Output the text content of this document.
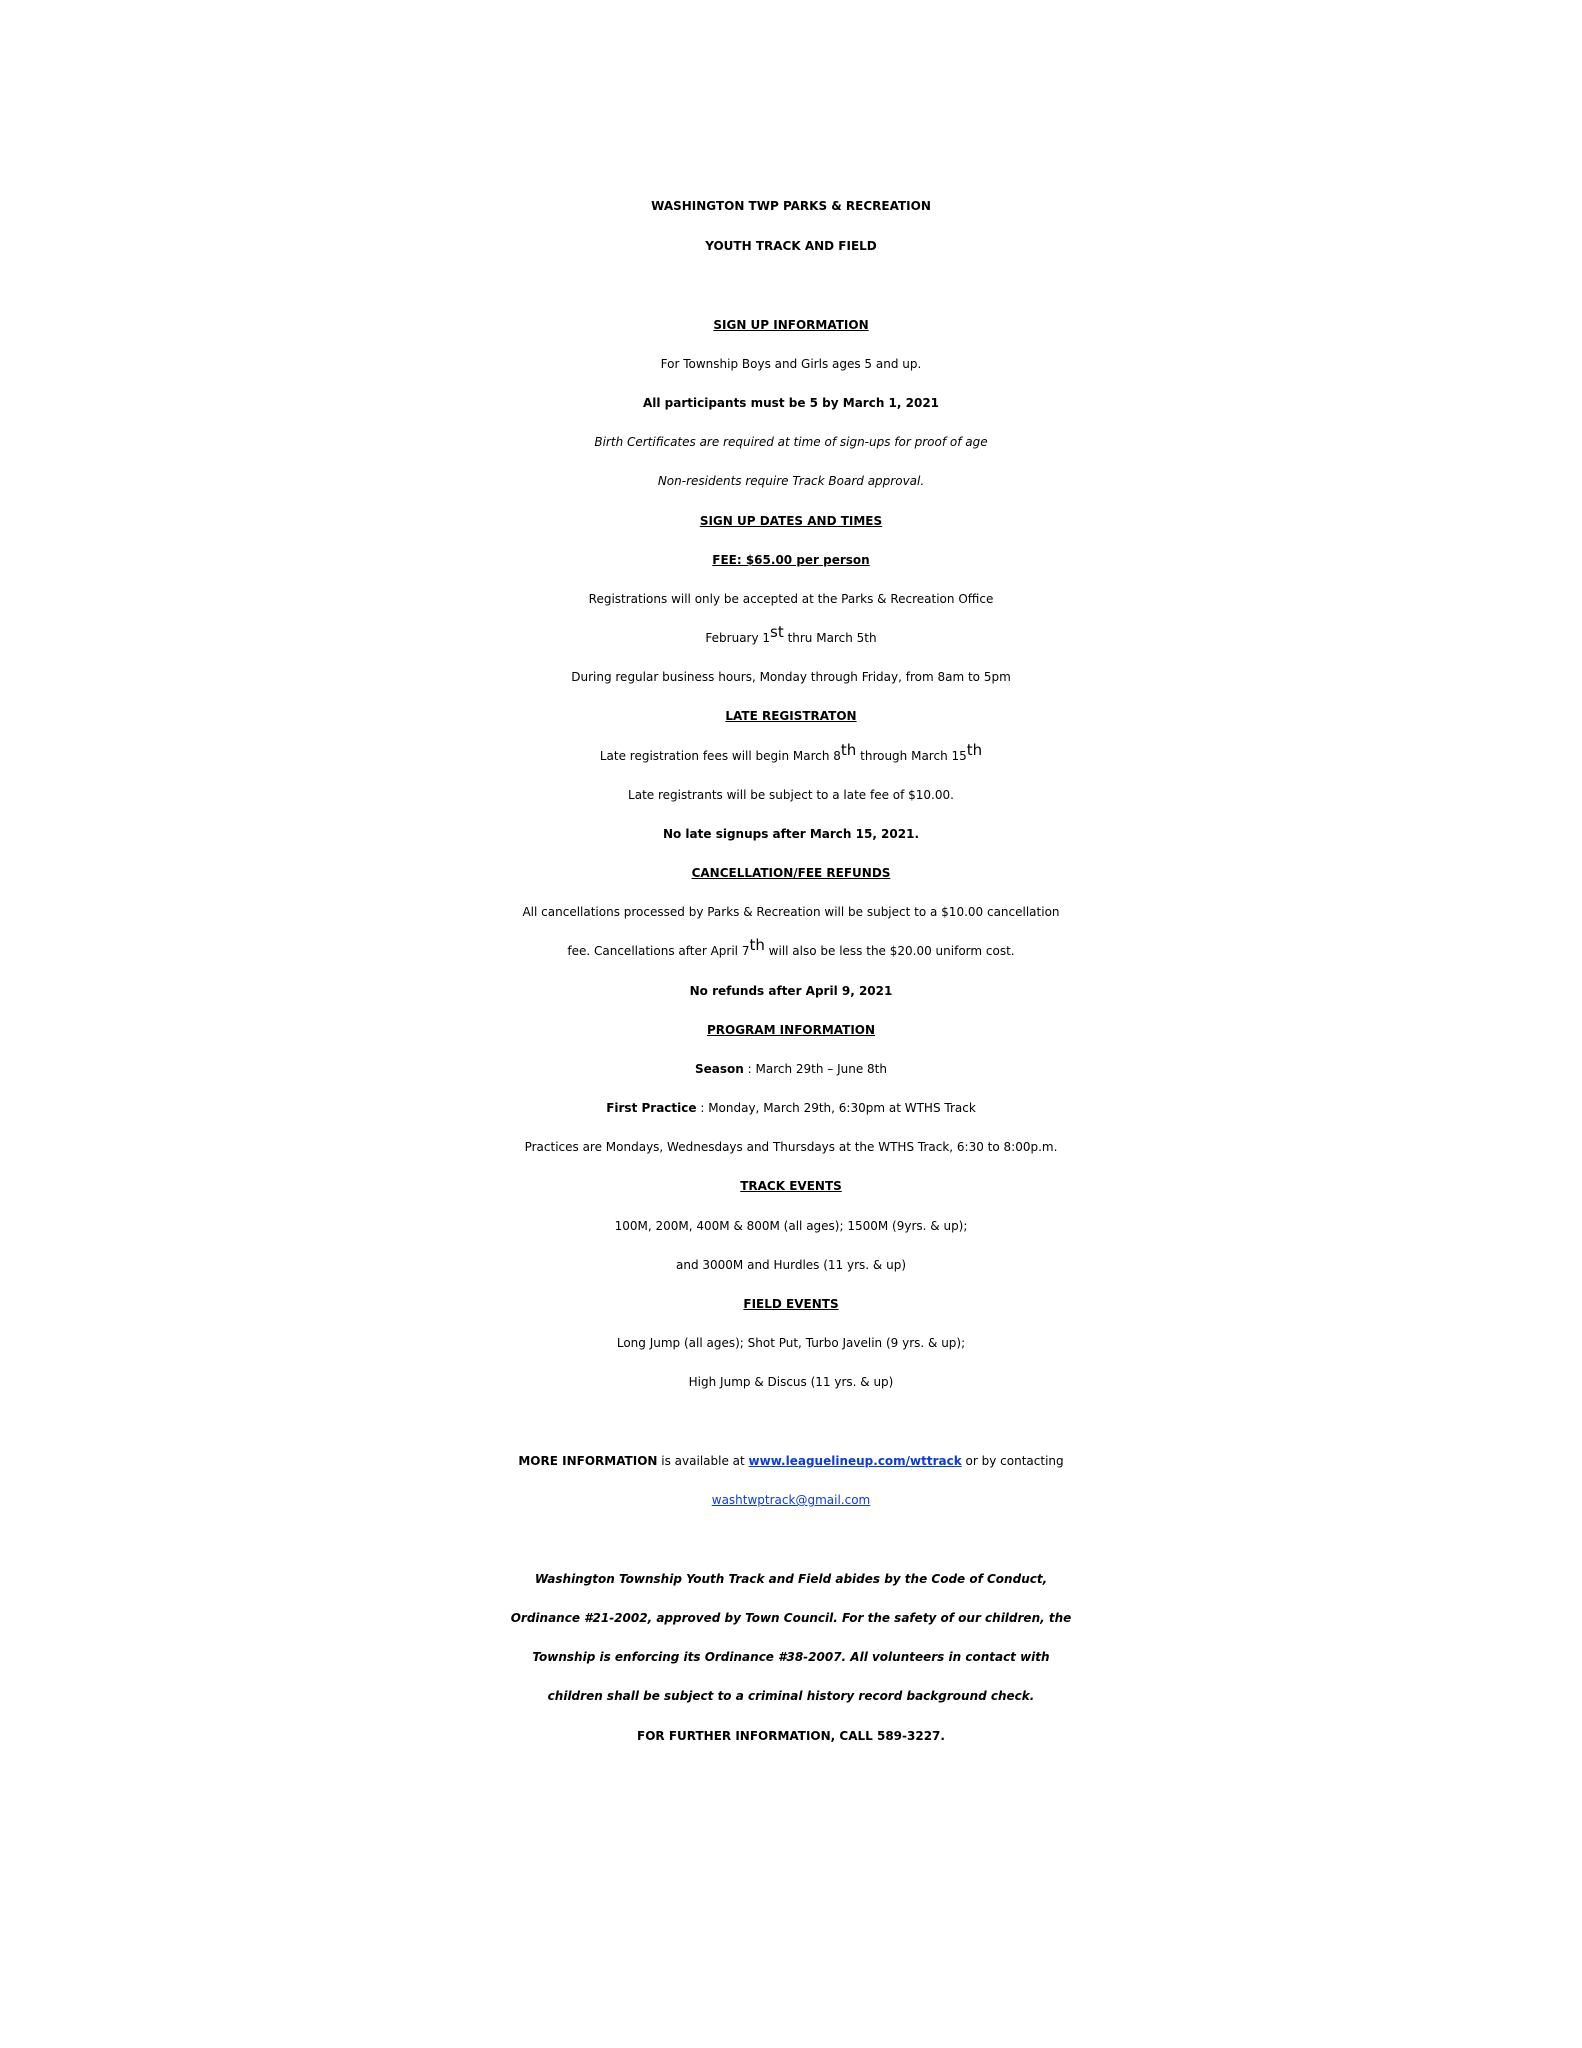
WASHINGTON TWP PARKS & RECREATION
YOUTH TRACK AND FIELD
SIGN UP INFORMATION
For Township Boys and Girls ages 5 and up.
All participants must be 5 by March 1, 2021
Birth Certificates are required at time of sign-ups for proof of age
Non-residents require Track Board approval.
SIGN UP DATES AND TIMES
FEE: $65.00 per person
Registrations will only be accepted at the Parks & Recreation Office
February 1st thru March 5th
During regular business hours, Monday through Friday, from 8am to 5pm
LATE REGISTRATON
Late registration fees will begin March 8th through March 15th
Late registrants will be subject to a late fee of $10.00.
No late signups after March 15, 2021.
CANCELLATION/FEE REFUNDS
All cancellations processed by Parks & Recreation will be subject to a $10.00 cancellation
fee. Cancellations after April 7th will also be less the $20.00 uniform cost.
No refunds after April 9, 2021
PROGRAM INFORMATION
Season : March 29th – June 8th
First Practice : Monday, March 29th, 6:30pm at WTHS Track
Practices are Mondays, Wednesdays and Thursdays at the WTHS Track, 6:30 to 8:00p.m.
TRACK EVENTS
100M, 200M, 400M & 800M (all ages); 1500M (9yrs. & up);
and 3000M and Hurdles (11 yrs. & up)
FIELD EVENTS
Long Jump (all ages); Shot Put, Turbo Javelin (9 yrs. & up);
High Jump & Discus (11 yrs. & up)
MORE INFORMATION is available at www.leaguelineup.com/wttrack or by contacting
washtwptrack@gmail.com
Washington Township Youth Track and Field abides by the Code of Conduct,
Ordinance #21-2002, approved by Town Council. For the safety of our children, the
Township is enforcing its Ordinance #38-2007. All volunteers in contact with
children shall be subject to a criminal history record background check.
FOR FURTHER INFORMATION, CALL 589-3227.
